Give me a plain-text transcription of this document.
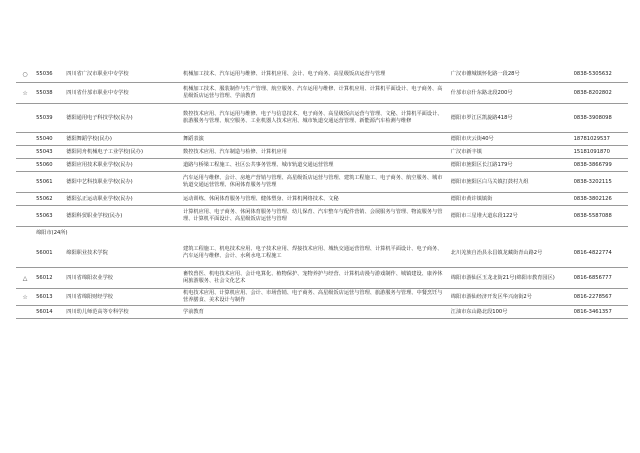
○	55036	四川省广汉市职业中专学校	机械加工技术、汽车运用与维修、计算机应用、会计、电子商务、高星级饭店运营与管理	广汉市雒城镇怀化路一段28号	0838-5305632
☆	55038	四川省什邡市职业中专学校	机械加工技术、服装制作与生产管理、航空服务、汽车运用与维修、计算机应用、计算机平面设计、电子商务、高星级饭店运营与管理、学前教育	什邡市京什东路北段200号	0838-8202802
	55039	德阳通用电子科技学校(民办)	数控技术应用、汽车运用与维修、电子与信息技术、电子商务、高星级饭店运营与管理、文秘、计算机平面设计、旅游服务与管理、航空服务、工业机器人技术应用、城市轨道交通运营管理、新能源汽车检测与维修	德阳市罗江区凯旋路418号	0838-3908098
	55040	德阳舞蹈学校(民办)	舞蹈表演	德阳市庆云街40号	18781029537
	55043	德阳同舟机械电子工业学校(民办)	数控技术应用、汽车制造与检修、计算机应用	广汉市新丰镇	15181091870
	55060	德阳应用技术职业学校(民办)	道路与桥梁工程施工、社区公共事务管理、城市轨道交通运营管理	德阳市旌阳区长江路179号	0838-3866799
	55061	德阳中艺科技职业学校(民办)	汽车运用与维修、会计、房地产营销与管理、高星级饭店运营与管理、建筑工程施工、电子商务、航空服务、城市轨道交通运营管理、休闲体育服务与管理	德阳市旌阳区白马关镇打鼓村九组	0838-3202115
	55062	德阳弘正运动职业学校(民办)	运动训练、休闲体育服务与管理、健体塑身、计算机网络技术、文秘	德阳市黄许镇镇街	0838-3802126
	55063	德阳科贸职业学校(民办)	计算机应用、电子商务、休闲体育服务与管理、幼儿保育、汽车整车与配件营销、会展服务与管理、物流服务与管理、计算机平面设计、高星级饭店运营与管理	德阳市三星堆大道东段122号	0838-5587088
	绵阳市(24所)				
	56001	绵阳职业技术学院	建筑工程施工、机电技术应用、电子技术应用、焊接技术应用、城轨交通运营管理、计算机平面设计、电子商务、汽车运用与维修、会计、水利水电工程施工	北川羌族自治县永昌镇龙藏街青山路2号	0816-4822774
△	56012	四川省绵阳农业学校	畜牧兽医、机电技术应用、会计电算化、植物保护、宠物养护与经营、计算机动漫与游戏制作、城镇建设、康养休闲旅游服务、社会文化艺术	绵阳市游仙区玉龙北街21号(绵阳市教育园区)	0816-6856777
☆	56013	四川省绵阳财经学校	机电技术应用、计算机应用、会计、市场营销、电子商务、高星级饭店运营与管理、旅游服务与管理、中餐烹饪与营养膳食、美术设计与制作	绵阳市游仙经济开发区华兴南街2号	0816-2278567
	56014	四川幼儿师范高等专科学校	学前教育	江油市东山路北段100号	0816-3461357
